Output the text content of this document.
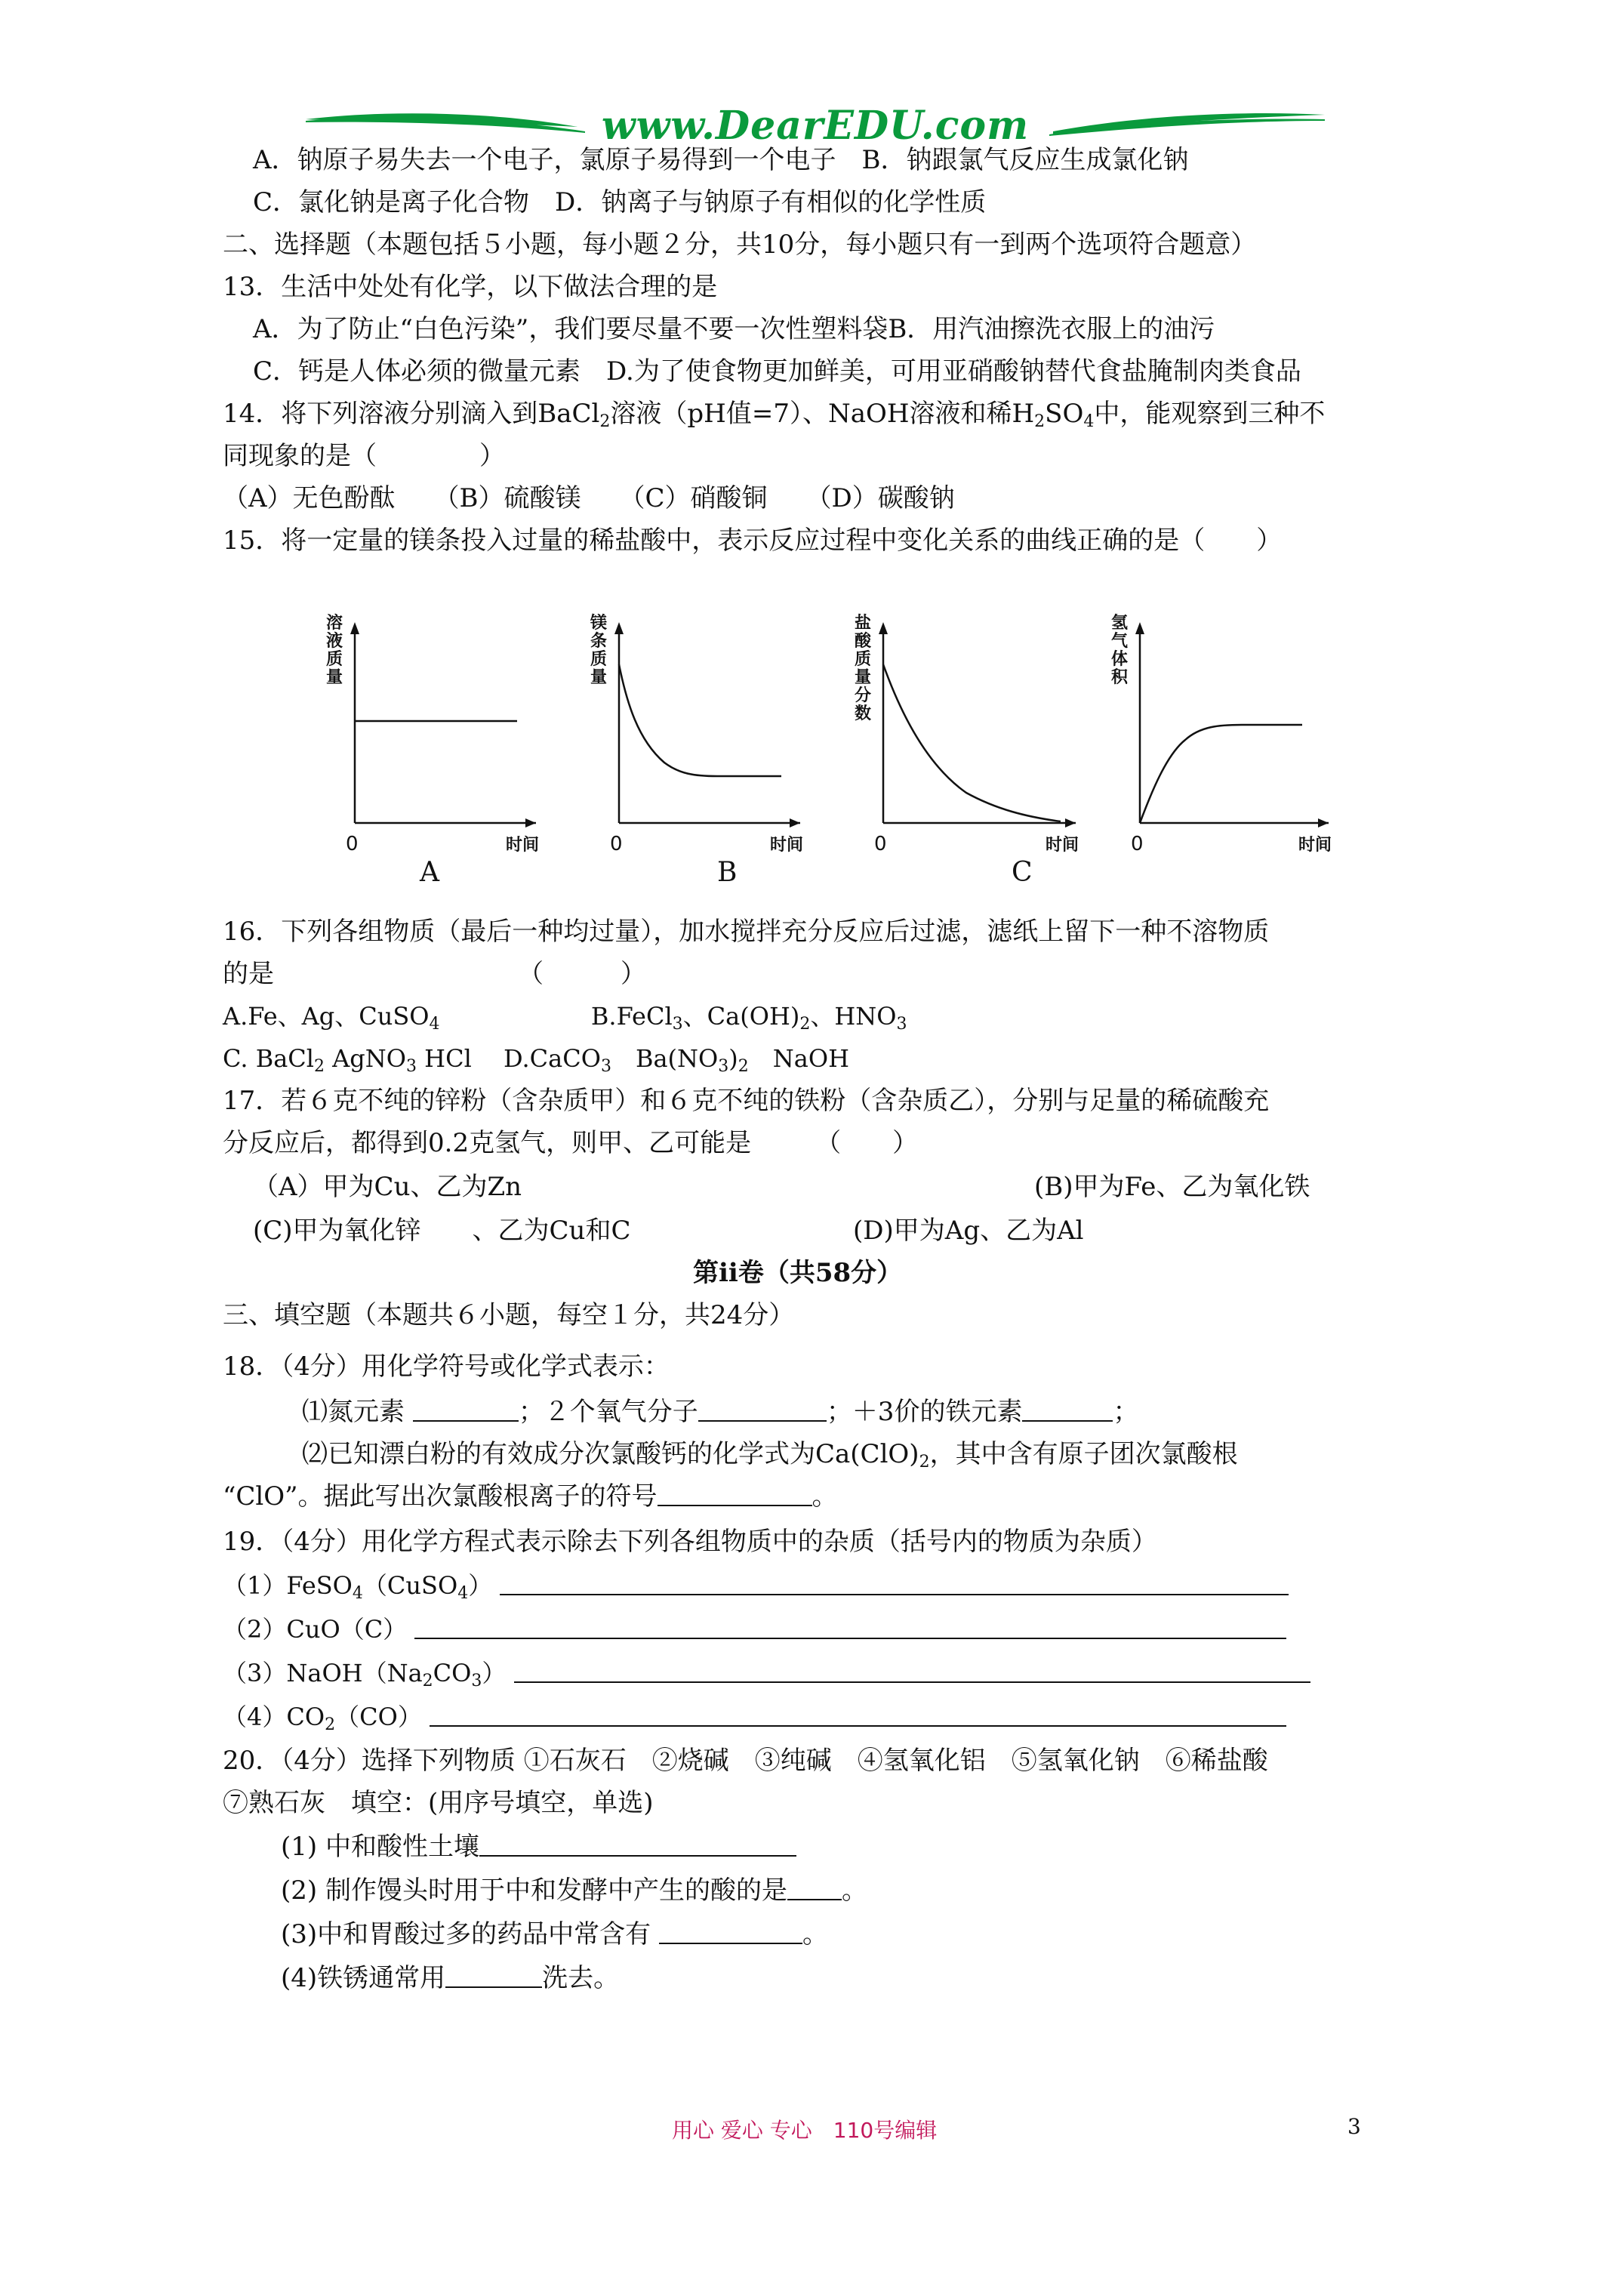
www.DearEDU.com
A．钠原子易失去一个电子，氯原子易得到一个电子　B．钠跟氯气反应生成氯化钠
C．氯化钠是离子化合物　D．钠离子与钠原子有相似的化学性质
二、选择题（本题包括５小题，每小题２分，共10分，每小题只有一到两个选项符合题意）
13．生活中处处有化学，以下做法合理的是
A．为了防止“白色污染”，我们要尽量不要一次性塑料袋B．用汽油擦洗衣服上的油污
C．钙是人体必须的微量元素　D.为了使食物更加鲜美，可用亚硝酸钠替代食盐腌制肉类食品
14．将下列溶液分别滴入到BaCl$_2$溶液（pH值=7）、NaOH溶液和稀$H_2SO_4$中，能观察到三种不
同现象的是（　　　　）
（A）无色酚酞　　（B）硫酸镁　　（C）硝酸铜　　（D）碳酸钠
15．将一定量的镁条投入过量的稀盐酸中，表示反应过程中变化关系的曲线正确的是（　　）
溶
液
质
量
时间
0
镁
条
质
量
时间
0
盐
酸
质
量
分
数
时间
0
氢
气
体
积
时间
0
A	B	C
16．下列各组物质（最后一种均过量），加水搅拌充分反应后过滤，滤纸上留下一种不溶物质
的是　　　　　　　　　　（　　　）
A.Fe、Ag、CuSO$_4$	B.FeCl$_3$、$Ca(OH)_2$、$HNO_3$
C. BaCl$_2$ AgNO$_3$ HCl　 D.CaCO$_3$　$Ba(NO_3)_2$　NaOH
17．若６克不纯的锌粉（含杂质甲）和６克不纯的铁粉（含杂质乙），分别与足量的稀硫酸充
分反应后，都得到0.2克氢气，则甲、乙可能是　　　（　　）
（A）甲为Cu、乙为Zn	(B)甲为Fe、乙为氧化铁
(C)甲为氧化锌　　、乙为Cu和C	(D)甲为Ag、乙为Al
第ii卷（共58分）
三、填空题（本题共６小题，每空１分，共24分）
18．（4分）用化学符号或化学式表示：
⑴氮元素	；２个氧气分子	；＋3价的铁元素	；
⑵已知漂白粉的有效成分次氯酸钙的化学式为$Ca(ClO)_2$，其中含有原子团次氯酸根
“ClO”。据此写出次氯酸根离子的符号	。
19．（4分）用化学方程式表示除去下列各组物质中的杂质（括号内的物质为杂质）
（1）FeSO$_4$（CuSO$_4$）
（2）CuO（C）
$(3)NaOH(Na_2CO_3)$
$(4)CO_2(CO)$
20．（4分）选择下列物质 ①石灰石　②烧碱　③纯碱　④氢氧化铝　⑤氢氧化钠　⑥稀盐酸
⑦熟石灰　填空：(用序号填空，单选)
(1) 中和酸性土壤
(2) 制作馒头时用于中和发酵中产生的酸的是 。
(3)中和胃酸过多的药品中常含有	。
(4)铁锈通常用	洗去。
用心 爱心 专心　110号编辑	3
